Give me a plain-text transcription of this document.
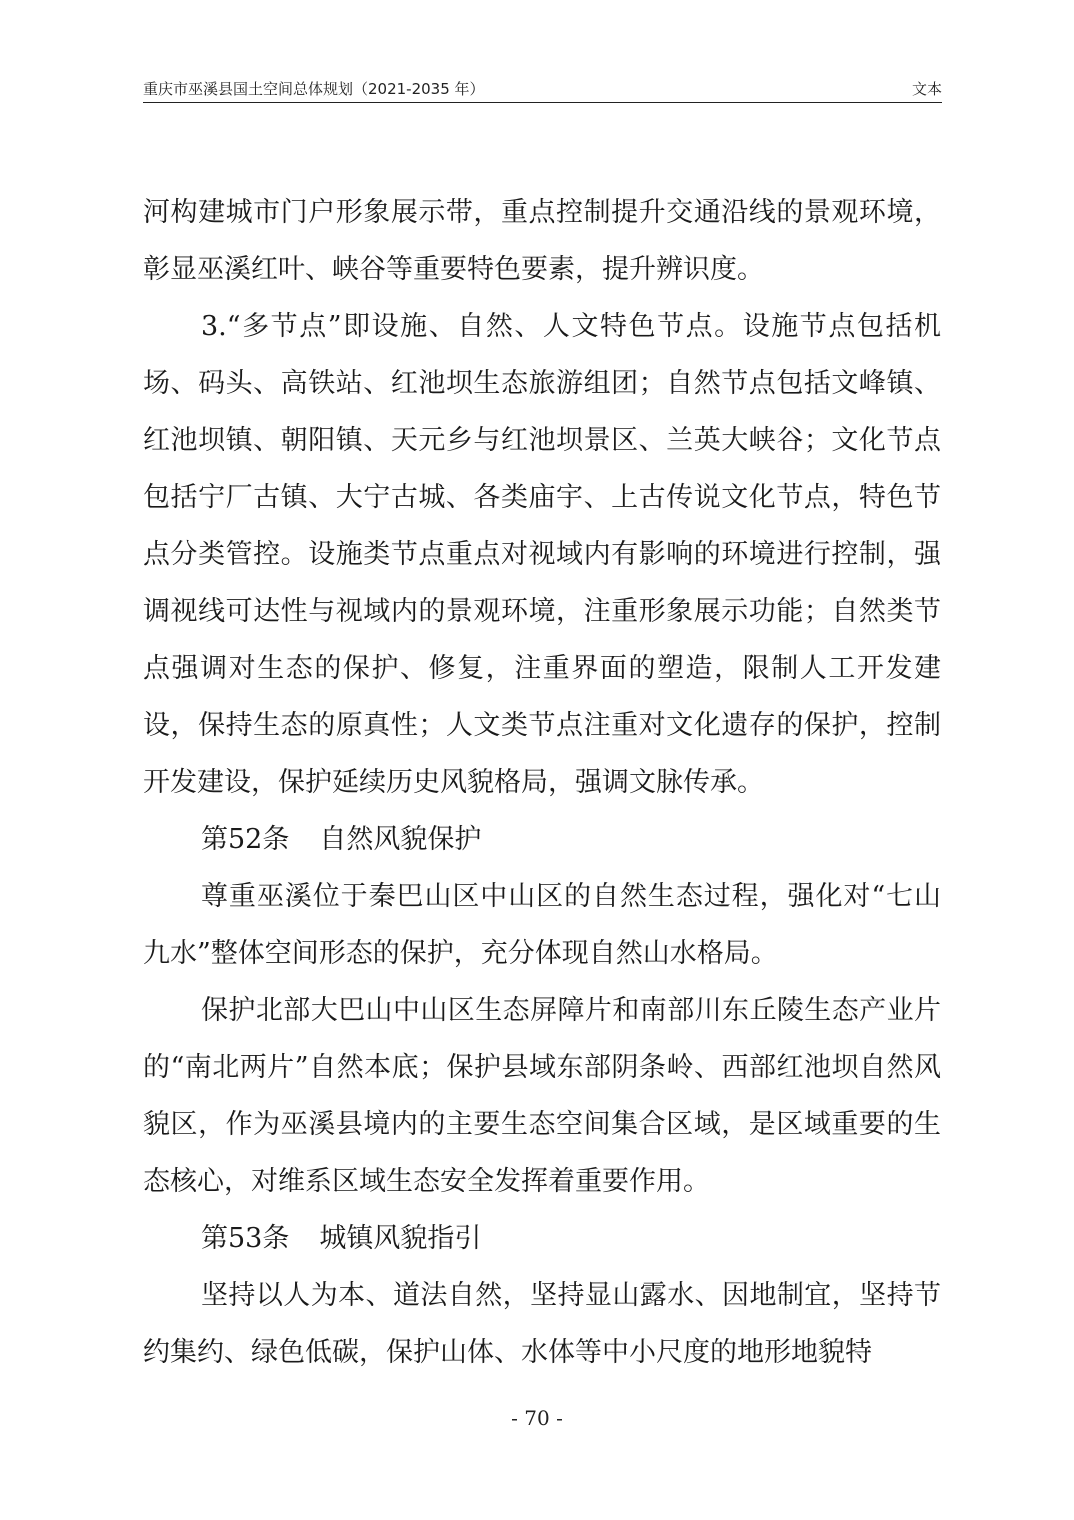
重庆市巫溪县国土空间总体规划（2021-2035 年）	文本

河构建城市门户形象展示带，重点控制提升交通沿线的景观环境，彰显巫溪红叶、峡谷等重要特色要素，提升辨识度。

3.“多节点”即设施、自然、人文特色节点。设施节点包括机场、码头、高铁站、红池坝生态旅游组团；自然节点包括文峰镇、红池坝镇、朝阳镇、天元乡与红池坝景区、兰英大峡谷；文化节点包括宁厂古镇、大宁古城、各类庙宇、上古传说文化节点，特色节点分类管控。设施类节点重点对视域内有影响的环境进行控制，强调视线可达性与视域内的景观环境，注重形象展示功能；自然类节点强调对生态的保护、修复，注重界面的塑造，限制人工开发建设，保持生态的原真性；人文类节点注重对文化遗存的保护，控制开发建设，保护延续历史风貌格局，强调文脉传承。

第52条 自然风貌保护

尊重巫溪位于秦巴山区中山区的自然生态过程，强化对“七山九水”整体空间形态的保护，充分体现自然山水格局。

保护北部大巴山中山区生态屏障片和南部川东丘陵生态产业片的“南北两片”自然本底；保护县域东部阴条岭、西部红池坝自然风貌区，作为巫溪县境内的主要生态空间集合区域，是区域重要的生态核心，对维系区域生态安全发挥着重要作用。

第53条 城镇风貌指引

坚持以人为本、道法自然，坚持显山露水、因地制宜，坚持节约集约、绿色低碳，保护山体、水体等中小尺度的地形地貌特

- 70 -
